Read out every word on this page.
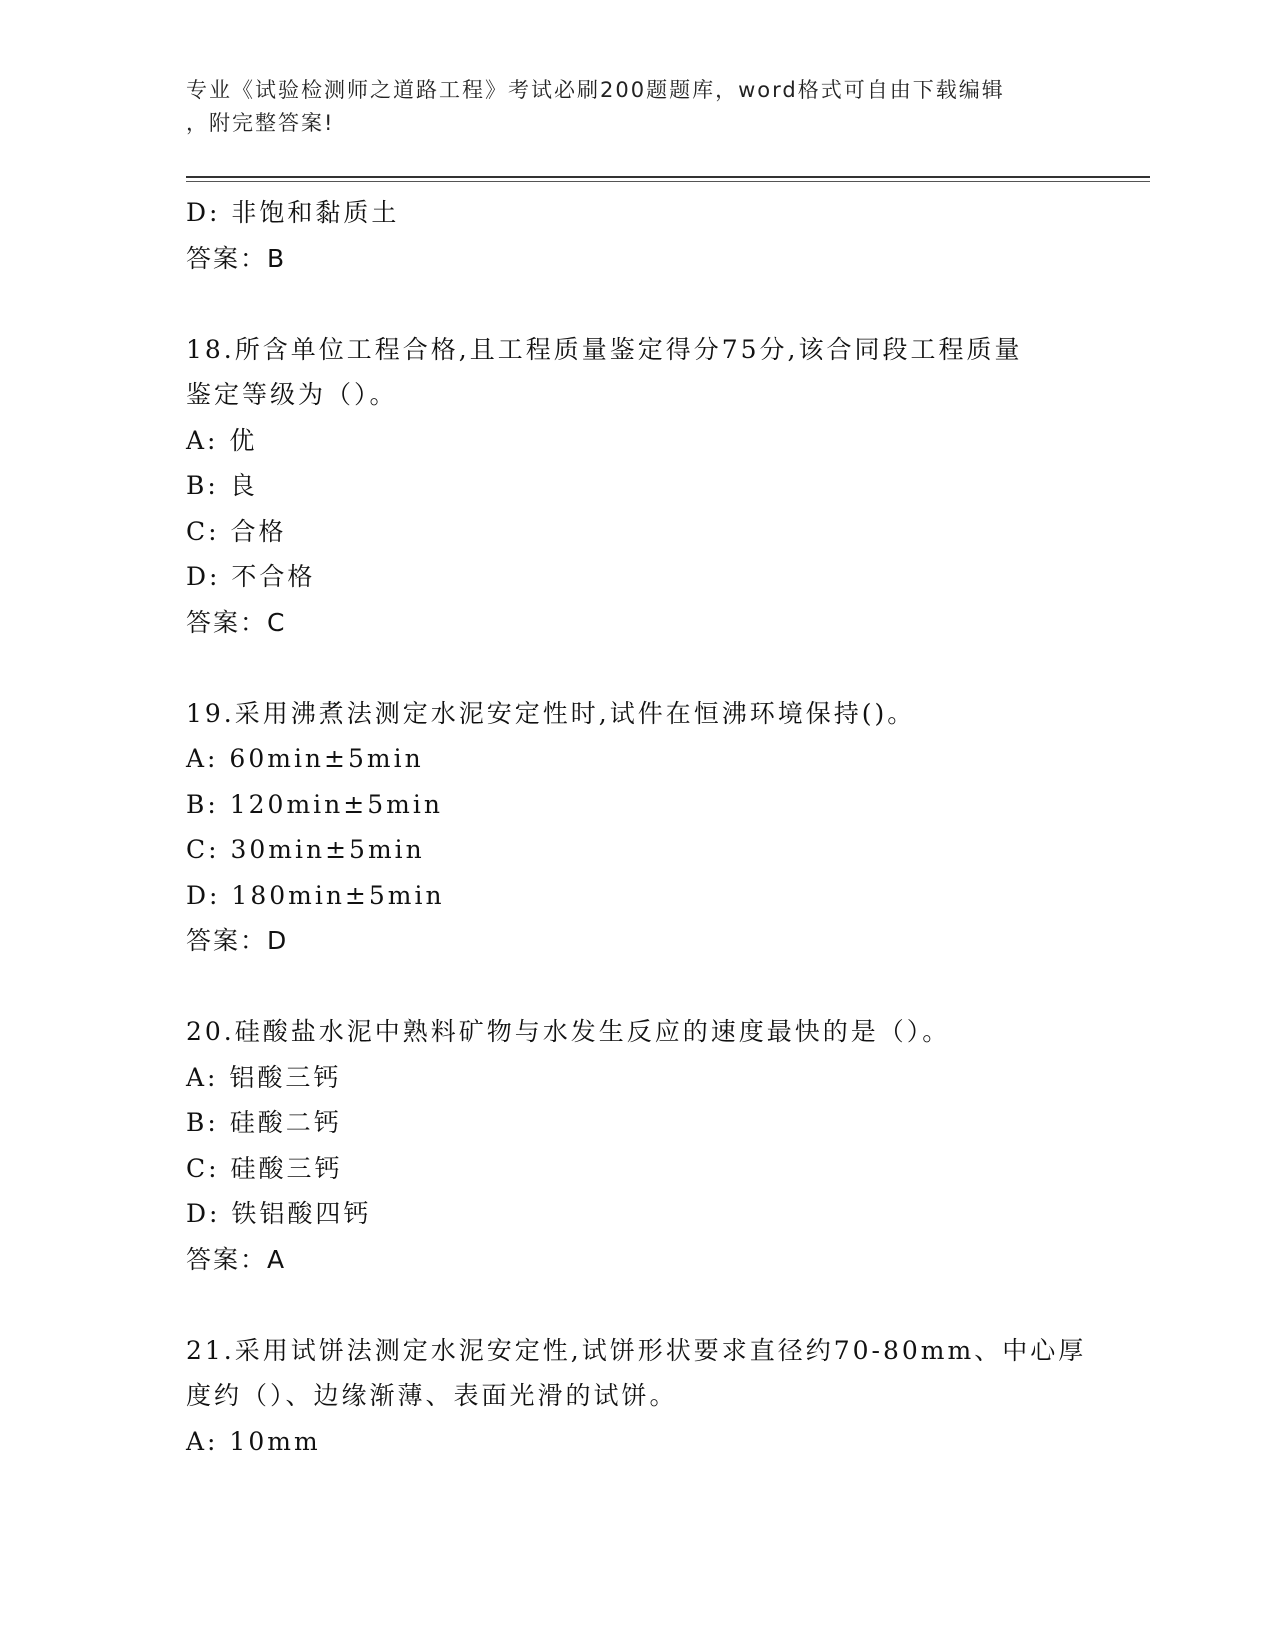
专业《试验检测师之道路工程》考试必刷200题题库，word格式可自由下载编辑
，附完整答案!
D: 非饱和黏质土
答案：B
18.所含单位工程合格,且工程质量鉴定得分75分,该合同段工程质量
鉴定等级为（）。
A: 优
B: 良
C: 合格
D: 不合格
答案：C
19.采用沸煮法测定水泥安定性时,试件在恒沸环境保持()。
A: 60min±5min
B: 120min±5min
C: 30min±5min
D: 180min±5min
答案：D
20.硅酸盐水泥中熟料矿物与水发生反应的速度最快的是（）。
A: 铝酸三钙
B: 硅酸二钙
C: 硅酸三钙
D: 铁铝酸四钙
答案：A
21.采用试饼法测定水泥安定性,试饼形状要求直径约70-80mm、中心厚
度约（）、边缘渐薄、表面光滑的试饼。
A: 10mm
